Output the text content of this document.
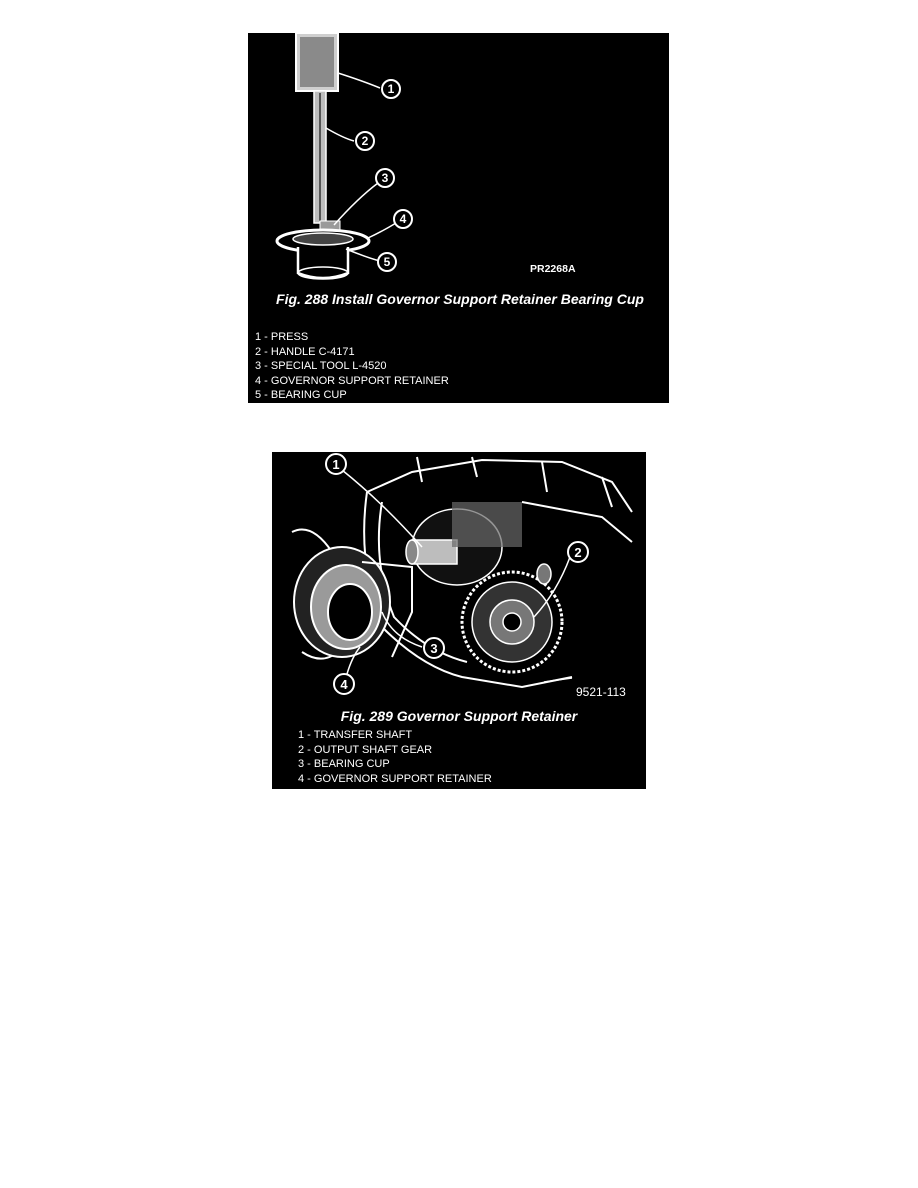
1
2
3
4
5	PR2268A
Fig. 288 Install Governor Support Retainer Bearing Cup
1 - PRESS
2 - HANDLE C-4171
3 - SPECIAL TOOL L-4520
4 - GOVERNOR SUPPORT RETAINER
5 - BEARING CUP
1
2
3
4	9521-113
Fig. 289 Governor Support Retainer
1 - TRANSFER SHAFT
2 - OUTPUT SHAFT GEAR
3 - BEARING CUP
4 - GOVERNOR SUPPORT RETAINER
